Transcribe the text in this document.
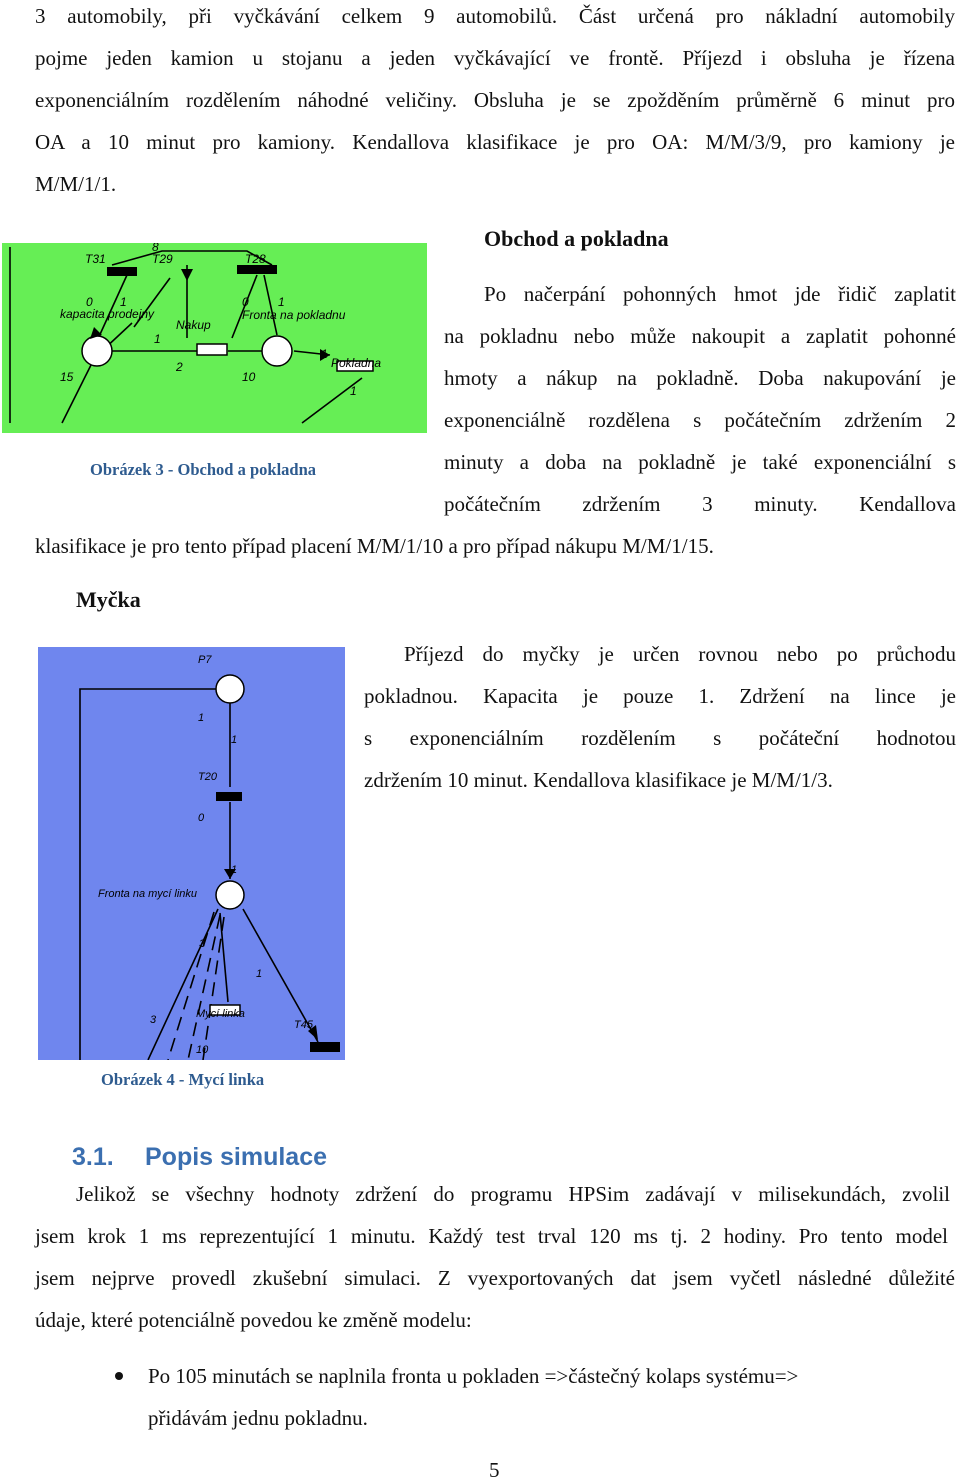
3 automobily, při vyčkávání celkem 9 automobilů. Část určená pro nákladní automobily
pojme jeden kamion u stojanu a jeden vyčkávající ve frontě. Příjezd i obsluha je řízena
exponenciálním rozdělením náhodné veličiny. Obsluha je se zpožděním průměrně 6 minut pro
OA a 10 minut pro kamiony. Kendallova klasifikace je pro OA: M/M/3/9, pro kamiony je
M/M/1/1.
T31	T29	T28
8
0 1
kapacita prodejny
Nakup
0 1
Fronta na pokladnu
1
2
15	10
1
Pokladna
1
Obrázek 3 - Obchod a pokladna
Obchod a pokladna
Po načerpání pohonných hmot jde řidič zaplatit
na pokladnu nebo může nakoupit a zaplatit pohonné
hmoty a nákup na pokladně. Doba nakupování je
exponenciálně rozdělena s počátečním zdržením 2
minuty a doba na pokladně je také exponenciální s
počátečním zdržením 3 minuty. Kendallova
klasifikace je pro tento případ placení M/M/1/10 a pro případ nákupu M/M/1/15.
Myčka
P7
1
1
T20
0
Fronta na mycí linku
1
3
3
1
Mycí linka
10
T45
Obrázek 4 - Mycí linka
Příjezd do myčky je určen rovnou nebo po průchodu
pokladnou. Kapacita je pouze 1. Zdržení na lince je
s exponenciálním rozdělením s počáteční hodnotou
zdržením 10 minut. Kendallova klasifikace je M/M/1/3.
3.1. Popis simulace
Jelikož se všechny hodnoty zdržení do programu HPSim zadávají v milisekundách, zvolil
jsem krok 1 ms reprezentující 1 minutu. Každý test trval 120 ms tj. 2 hodiny. Pro tento model
jsem nejprve provedl zkušební simulaci. Z vyexportovaných dat jsem vyčetl následné důležité
údaje, které potenciálně povedou ke změně modelu:
Po 105 minutách se naplnila fronta u pokladen =>částečný kolaps systému=>
přidávám jednu pokladnu.
5
